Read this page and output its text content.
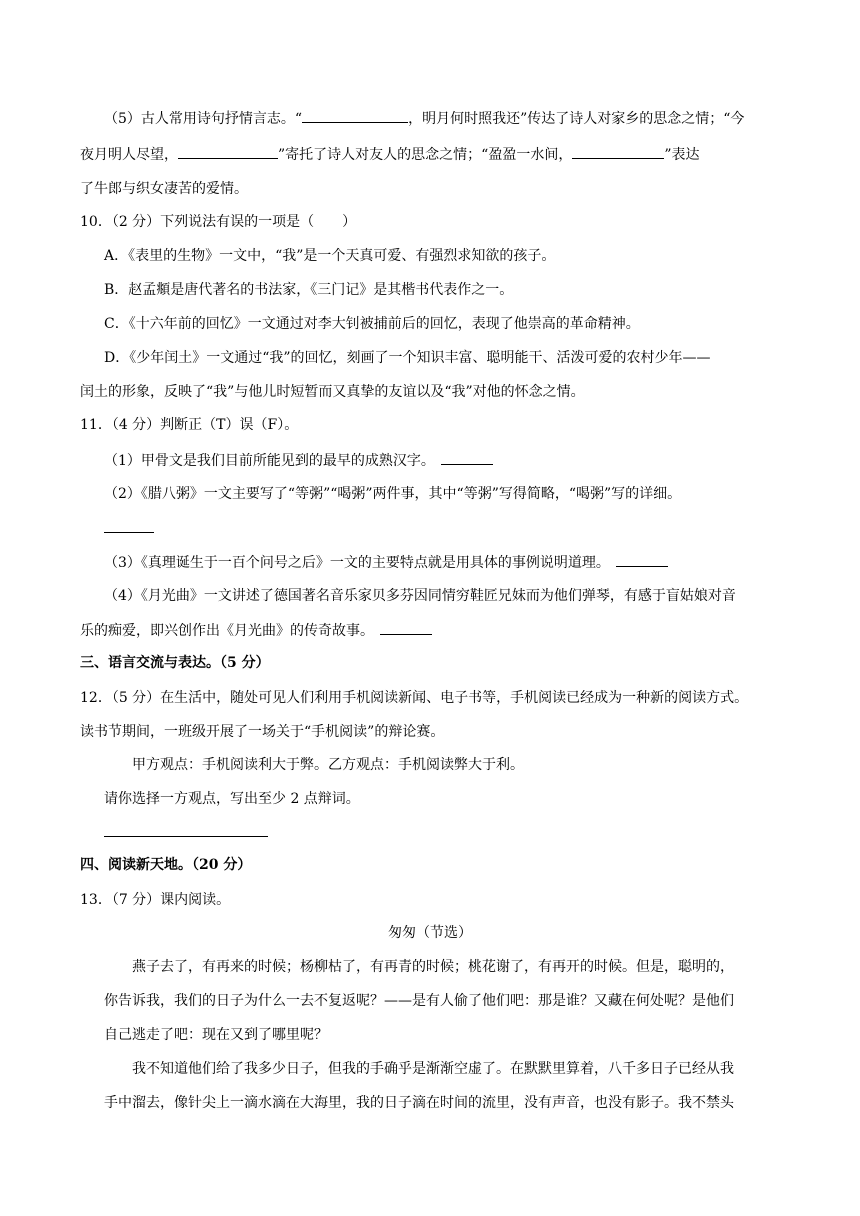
（5）古人常用诗句抒情言志。“	，明月何时照我还”传达了诗人对家乡的思念之情；“今
夜月明人尽望，	”寄托了诗人对友人的思念之情；“盈盈一水间，	”表达
了牛郎与织女凄苦的爱情。
10．（2 分）下列说法有误的一项是（　　）
A．《表里的生物》一文中，“我”是一个天真可爱、有强烈求知欲的孩子。
B．赵孟頫是唐代著名的书法家，《三门记》是其楷书代表作之一。
C．《十六年前的回忆》一文通过对李大钊被捕前后的回忆，表现了他崇高的革命精神。
D．《少年闰土》一文通过“我”的回忆，刻画了一个知识丰富、聪明能干、活泼可爱的农村少年——
闰土的形象，反映了“我”与他儿时短暂而又真挚的友谊以及“我”对他的怀念之情。
11．（4 分）判断正（T）误（F）。
（1）甲骨文是我们目前所能见到的最早的成熟汉字。
（2）《腊八粥》一文主要写了“等粥”“喝粥”两件事，其中“等粥”写得简略，“喝粥”写的详细。
（3）《真理诞生于一百个问号之后》一文的主要特点就是用具体的事例说明道理。
（4）《月光曲》一文讲述了德国著名音乐家贝多芬因同情穷鞋匠兄妹而为他们弹琴，有感于盲姑娘对音
乐的痴爱，即兴创作出《月光曲》的传奇故事。
三、语言交流与表达。（5 分）
12．（5 分）在生活中，随处可见人们利用手机阅读新闻、电子书等，手机阅读已经成为一种新的阅读方式。
读书节期间，一班级开展了一场关于“手机阅读”的辩论赛。
甲方观点：手机阅读利大于弊。乙方观点：手机阅读弊大于利。
请你选择一方观点，写出至少 2 点辩词。
四、阅读新天地。（20 分）
13．（7 分）课内阅读。
匆匆（节选）
燕子去了，有再来的时候；杨柳枯了，有再青的时候；桃花谢了，有再开的时候。但是，聪明的，
你告诉我，我们的日子为什么一去不复返呢？——是有人偷了他们吧：那是谁？又藏在何处呢？是他们
自己逃走了吧：现在又到了哪里呢？
我不知道他们给了我多少日子，但我的手确乎是渐渐空虚了。在默默里算着，八千多日子已经从我
手中溜去，像针尖上一滴水滴在大海里，我的日子滴在时间的流里，没有声音，也没有影子。我不禁头
